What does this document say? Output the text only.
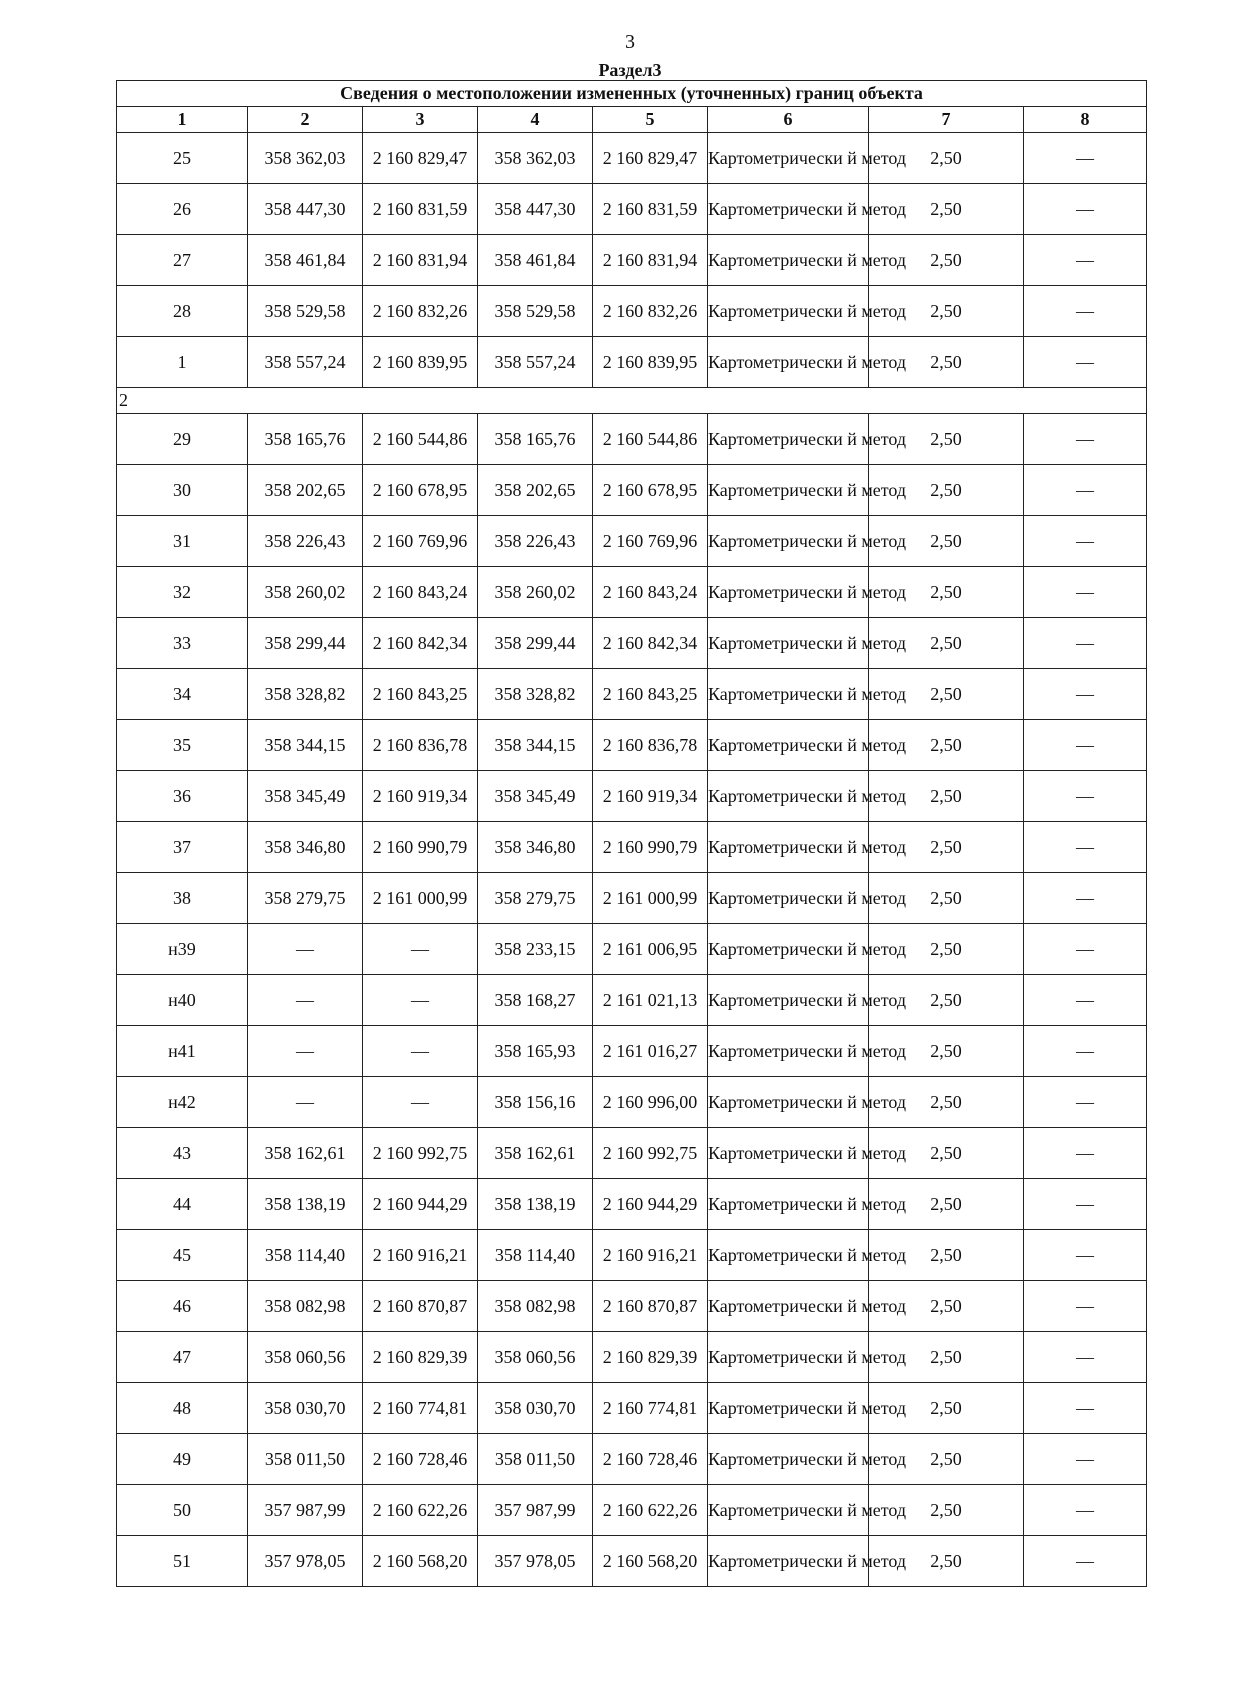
3
Раздел3
Сведения о местоположении измененных (уточненных) границ объекта							
1	2	3	4	5	6	7	8
25	358 362,03	2 160 829,47	358 362,03	2 160 829,47	Картометрически й метод	2,50	—
26	358 447,30	2 160 831,59	358 447,30	2 160 831,59	Картометрически й метод	2,50	—
27	358 461,84	2 160 831,94	358 461,84	2 160 831,94	Картометрически й метод	2,50	—
28	358 529,58	2 160 832,26	358 529,58	2 160 832,26	Картометрически й метод	2,50	—
1	358 557,24	2 160 839,95	358 557,24	2 160 839,95	Картометрически й метод	2,50	—
2							
29	358 165,76	2 160 544,86	358 165,76	2 160 544,86	Картометрически й метод	2,50	—
30	358 202,65	2 160 678,95	358 202,65	2 160 678,95	Картометрически й метод	2,50	—
31	358 226,43	2 160 769,96	358 226,43	2 160 769,96	Картометрически й метод	2,50	—
32	358 260,02	2 160 843,24	358 260,02	2 160 843,24	Картометрически й метод	2,50	—
33	358 299,44	2 160 842,34	358 299,44	2 160 842,34	Картометрически й метод	2,50	—
34	358 328,82	2 160 843,25	358 328,82	2 160 843,25	Картометрически й метод	2,50	—
35	358 344,15	2 160 836,78	358 344,15	2 160 836,78	Картометрически й метод	2,50	—
36	358 345,49	2 160 919,34	358 345,49	2 160 919,34	Картометрически й метод	2,50	—
37	358 346,80	2 160 990,79	358 346,80	2 160 990,79	Картометрически й метод	2,50	—
38	358 279,75	2 161 000,99	358 279,75	2 161 000,99	Картометрически й метод	2,50	—
н39	—	—	358 233,15	2 161 006,95	Картометрически й метод	2,50	—
н40	—	—	358 168,27	2 161 021,13	Картометрически й метод	2,50	—
н41	—	—	358 165,93	2 161 016,27	Картометрически й метод	2,50	—
н42	—	—	358 156,16	2 160 996,00	Картометрически й метод	2,50	—
43	358 162,61	2 160 992,75	358 162,61	2 160 992,75	Картометрически й метод	2,50	—
44	358 138,19	2 160 944,29	358 138,19	2 160 944,29	Картометрически й метод	2,50	—
45	358 114,40	2 160 916,21	358 114,40	2 160 916,21	Картометрически й метод	2,50	—
46	358 082,98	2 160 870,87	358 082,98	2 160 870,87	Картометрически й метод	2,50	—
47	358 060,56	2 160 829,39	358 060,56	2 160 829,39	Картометрически й метод	2,50	—
48	358 030,70	2 160 774,81	358 030,70	2 160 774,81	Картометрически й метод	2,50	—
49	358 011,50	2 160 728,46	358 011,50	2 160 728,46	Картометрически й метод	2,50	—
50	357 987,99	2 160 622,26	357 987,99	2 160 622,26	Картометрически й метод	2,50	—
51	357 978,05	2 160 568,20	357 978,05	2 160 568,20	Картометрически й метод	2,50	—
